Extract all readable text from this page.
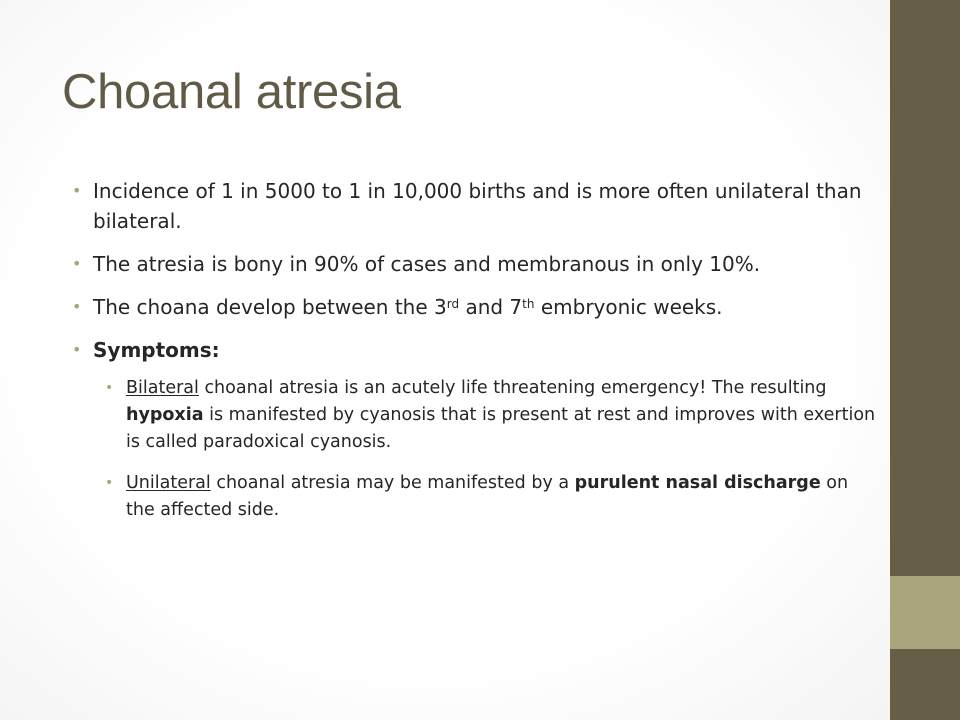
Choanal atresia
• Incidence of 1 in 5000 to 1 in 10,000 births and is more often unilateral than bilateral.
• The atresia is bony in 90% of cases and membranous in only 10%.
• The choana develop between the 3rd and 7th embryonic weeks.
• Symptoms:
• Bilateral choanal atresia is an acutely life threatening emergency! The resulting hypoxia is manifested by cyanosis that is present at rest and improves with exertion is called paradoxical cyanosis.
• Unilateral choanal atresia may be manifested by a purulent nasal discharge on the affected side.
